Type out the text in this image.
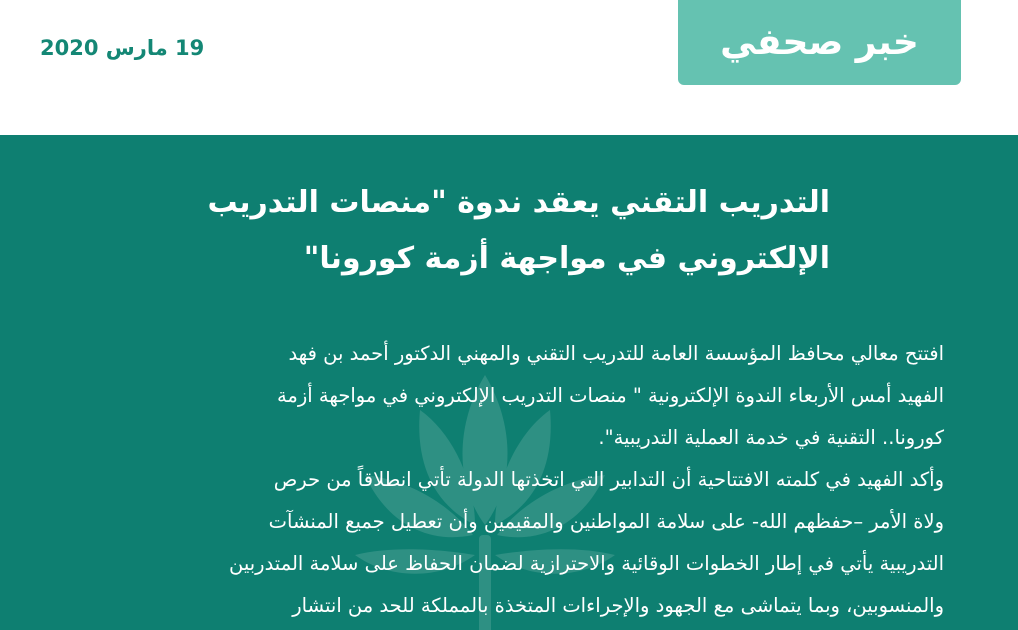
خبر صحفي
19 مارس 2020
التدريب التقني يعقد ندوة "منصات التدريب
الإلكتروني في مواجهة أزمة كورونا"

افتتح معالي محافظ المؤسسة العامة للتدريب التقني والمهني الدكتور أحمد بن فهد
الفهيد أمس الأربعاء الندوة الإلكترونية " منصات التدريب الإلكتروني في مواجهة أزمة
كورونا.. التقنية في خدمة العملية التدريبية".
وأكد الفهيد في كلمته الافتتاحية أن التدابير التي اتخذتها الدولة تأتي انطلاقاً من حرص
ولاة الأمر –حفظهم الله- على سلامة المواطنين والمقيمين وأن تعطيل جميع المنشآت
التدريبية يأتي في إطار الخطوات الوقائية والاحترازية لضمان الحفاظ على سلامة المتدربين
والمنسوبين، وبما يتماشى مع الجهود والإجراءات المتخذة بالمملكة للحد من انتشار
